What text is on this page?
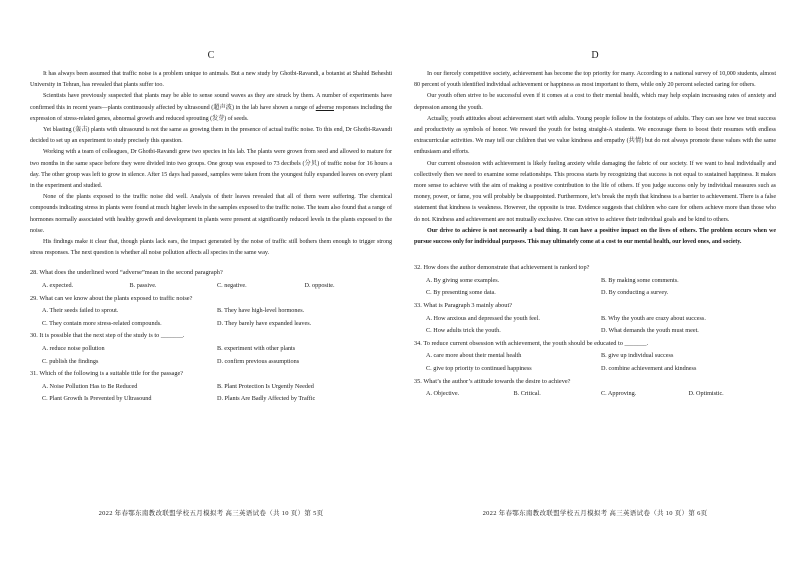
C

It has always been assumed that traffic noise is a problem unique to animals. But a new study by Ghotbi-Ravandi, a botanist at Shahid Beheshti University in Tehran, has revealed that plants suffer too.

Scientists have previously suspected that plants may be able to sense sound waves as they are struck by them. A number of experiments have confirmed this in recent years—plants continuously affected by ultrasound (超声波) in the lab have shown a range of adverse responses including the expression of stress-related genes, abnormal growth and reduced sprouting (发芽) of seeds.

Yet blasting (轰击) plants with ultrasound is not the same as growing them in the presence of actual traffic noise. To this end, Dr Ghotbi-Ravandi decided to set up an experiment to study precisely this question.

Working with a team of colleagues, Dr Ghotbi-Ravandi grew two species in his lab. The plants were grown from seed and allowed to mature for two months in the same space before they were divided into two groups. One group was exposed to 73 decibels (分贝) of traffic noise for 16 hours a day. The other group was left to grow in silence. After 15 days had passed, samples were taken from the youngest fully expanded leaves on every plant in the experiment and studied.

None of the plants exposed to the traffic noise did well. Analysis of their leaves revealed that all of them were suffering. The chemical compounds indicating stress in plants were found at much higher levels in the samples exposed to the traffic noise. The team also found that a range of hormones normally associated with healthy growth and development in plants were present at significantly reduced levels in the plants exposed to the noise.

His findings make it clear that, though plants lack ears, the impact generated by the noise of traffic still bothers them enough to trigger strong stress responses. The next question is whether all noise pollution affects all species in the same way.

28. What does the underlined word “adverse”mean in the second paragraph?

A. expected.	B. passive.	C. negative.	D. opposite.

29. What can we know about the plants exposed to traffic noise?

A. Their seeds failed to sprout.	B. They have high-level hormones.
C. They contain more stress-related compounds.	D. They barely have expanded leaves.

30. It is possible that the next step of the study is to _______.

A. reduce noise pollution	B. experiment with other plants
C. publish the findings	D. confirm previous assumptions

31. Which of the following is a suitable title for the passage?

A. Noise Pollution Has to Be Reduced	B. Plant Protection Is Urgently Needed
C. Plant Growth Is Prevented by Ultrasound	D. Plants Are Badly Affected by Traffic
D

In our fiercely competitive society, achievement has become the top priority for many. According to a national survey of 10,000 students, almost 80 percent of youth identified individual achievement or happiness as most important to them, while only 20 percent selected caring for others.

Our youth often strive to be successful even if it comes at a cost to their mental health, which may help explain increasing rates of anxiety and depression among the youth.

Actually, youth attitudes about achievement start with adults. Young people follow in the footsteps of adults. They can see how we treat success and productivity as symbols of honor. We reward the youth for being straight-A students. We encourage them to boost their resumes with endless extracurricular activities. We may tell our children that we value kindness and empathy (共情) but do not always promote these values with the same enthusiasm and efforts.

Our current obsession with achievement is likely fueling anxiety while damaging the fabric of our society. If we want to heal individually and collectively then we need to examine some relationships. This process starts by recognizing that success is not equal to sustained happiness. It makes more sense to achieve with the aim of making a positive contribution to the life of others. If you judge success only by individual measures such as money, power, or fame, you will probably be disappointed. Furthermore, let’s break the myth that kindness is a barrier to achievement. There is a false statement that kindness is weakness. However, the opposite is true. Evidence suggests that children who care for others achieve more than those who do not. Kindness and achievement are not mutually exclusive. One can strive to achieve their individual goals and be kind to others.

Our drive to achieve is not necessarily a bad thing. It can have a positive impact on the lives of others. The problem occurs when we pursue success only for individual purposes. This may ultimately come at a cost to our mental health, our loved ones, and society.

32. How does the author demonstrate that achievement is ranked top?

A. By giving some examples.	B. By making some comments.
C. By presenting some data.	D. By conducting a survey.

33. What is Paragraph 3 mainly about?

A. How anxious and depressed the youth feel.	B. Why the youth are crazy about success.
C. How adults trick the youth.	D. What demands the youth must meet.

34. To reduce current obsession with achievement, the youth should be educated to _______.

A. care more about their mental health	B. give up individual success
C. give top priority to continued happiness	D. combine achievement and kindness

35. What’s the author’s attitude towards the desire to achieve?

A. Objective.	B. Critical.	C. Approving.	D. Optimistic.
2022 年春鄂东南教改联盟学校五月模拟考 高三英语试卷（共 10 页）第 5页	2022 年春鄂东南教改联盟学校五月模拟考 高三英语试卷（共 10 页）第 6页
